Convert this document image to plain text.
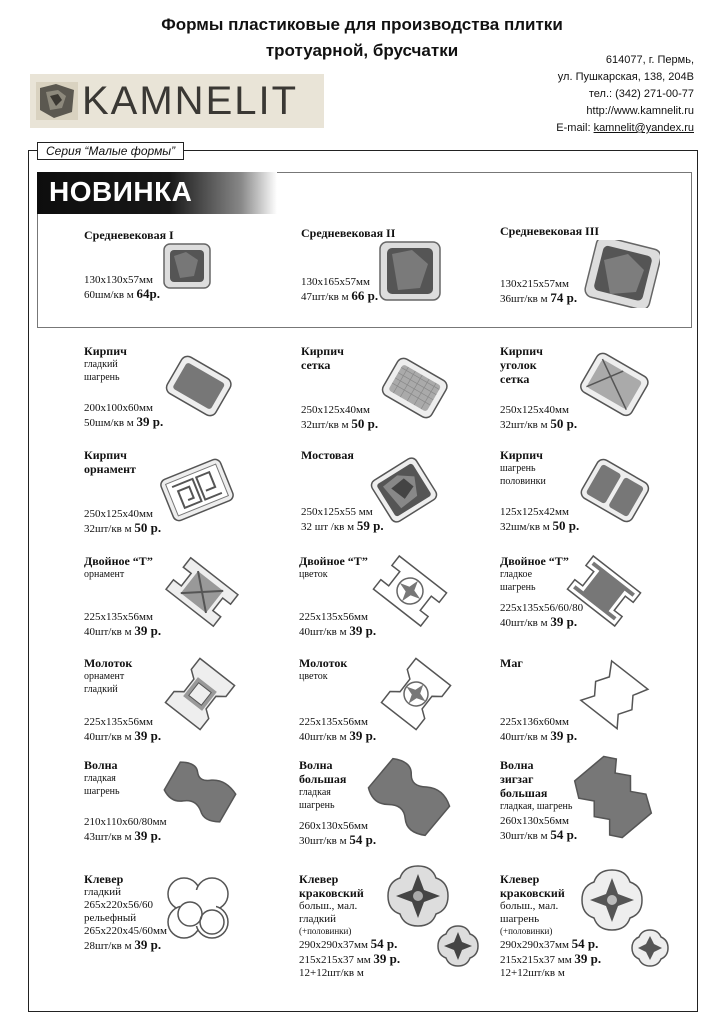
Формы пластиковые для производства плитки
тротуарной, брусчатки
KAMNELIT
614077, г. Пермь,
ул. Пушкарская, 138, 204В
тел.: (342) 271-00-77
http://www.kamnelit.ru
E-mail: kamnelit@yandex.ru
Серия “Малые формы”
НОВИНКА
Средневековая I
130х130х57мм
60шм/кв м 64р.
Средневековая II
130х165х57мм
47шт/кв м 66 р.
Средневековая III
130х215х57мм
36шт/кв м 74 р.
Кирпич
гладкий
шагрень
200х100х60мм
50шм/кв м 39 р.
Кирпич
сетка
250х125х40мм
32шт/кв м 50 р.
Кирпич
уголок
сетка
250х125х40мм
32шт/кв м 50 р.
Кирпич
орнамент
250х125х40мм
32шт/кв м 50 р.
Мостовая
250х125х55 мм
32 шт /кв м 59 р.
Кирпич
шагрень
половинки
125х125х42мм
32шм/кв м 50 р.
Двойное “Т”
орнамент
225х135х56мм
40шт/кв м 39 р.
Двойное “Т”
цветок
225х135х56мм
40шт/кв м 39 р.
Двойное “Т”
гладкое
шагрень
225х135х56/60/80
40шт/кв м 39 р.
Молоток
орнамент
гладкий
225х135х56мм
40шт/кв м 39 р.
Молоток
цветок
225х135х56мм
40шт/кв м 39 р.
Маг
225х136х60мм
40шт/кв м 39 р.
Волна
гладкая
шагрень
210х110х60/80мм
43шт/кв м 39 р.
Волна
большая
гладкая
шагрень
260х130х56мм
30шт/кв м 54 р.
Волна
зигзаг
большая
гладкая, шагрень
260х130х56мм
30шт/кв м 54 р.
Клевер
гладкий
265х220х56/60
рельефный
265х220х45/60мм
28шт/кв м 39 р.
Клевер
краковский
больш., мал.
гладкий
(+половинки)
290х290х37мм 54 р.
215х215х37 мм 39 р.
12+12шт/кв м
Клевер
краковский
больш., мал.
шагрень
(+половинки)
290х290х37мм 54 р.
215х215х37 мм 39 р.
12+12шт/кв м
